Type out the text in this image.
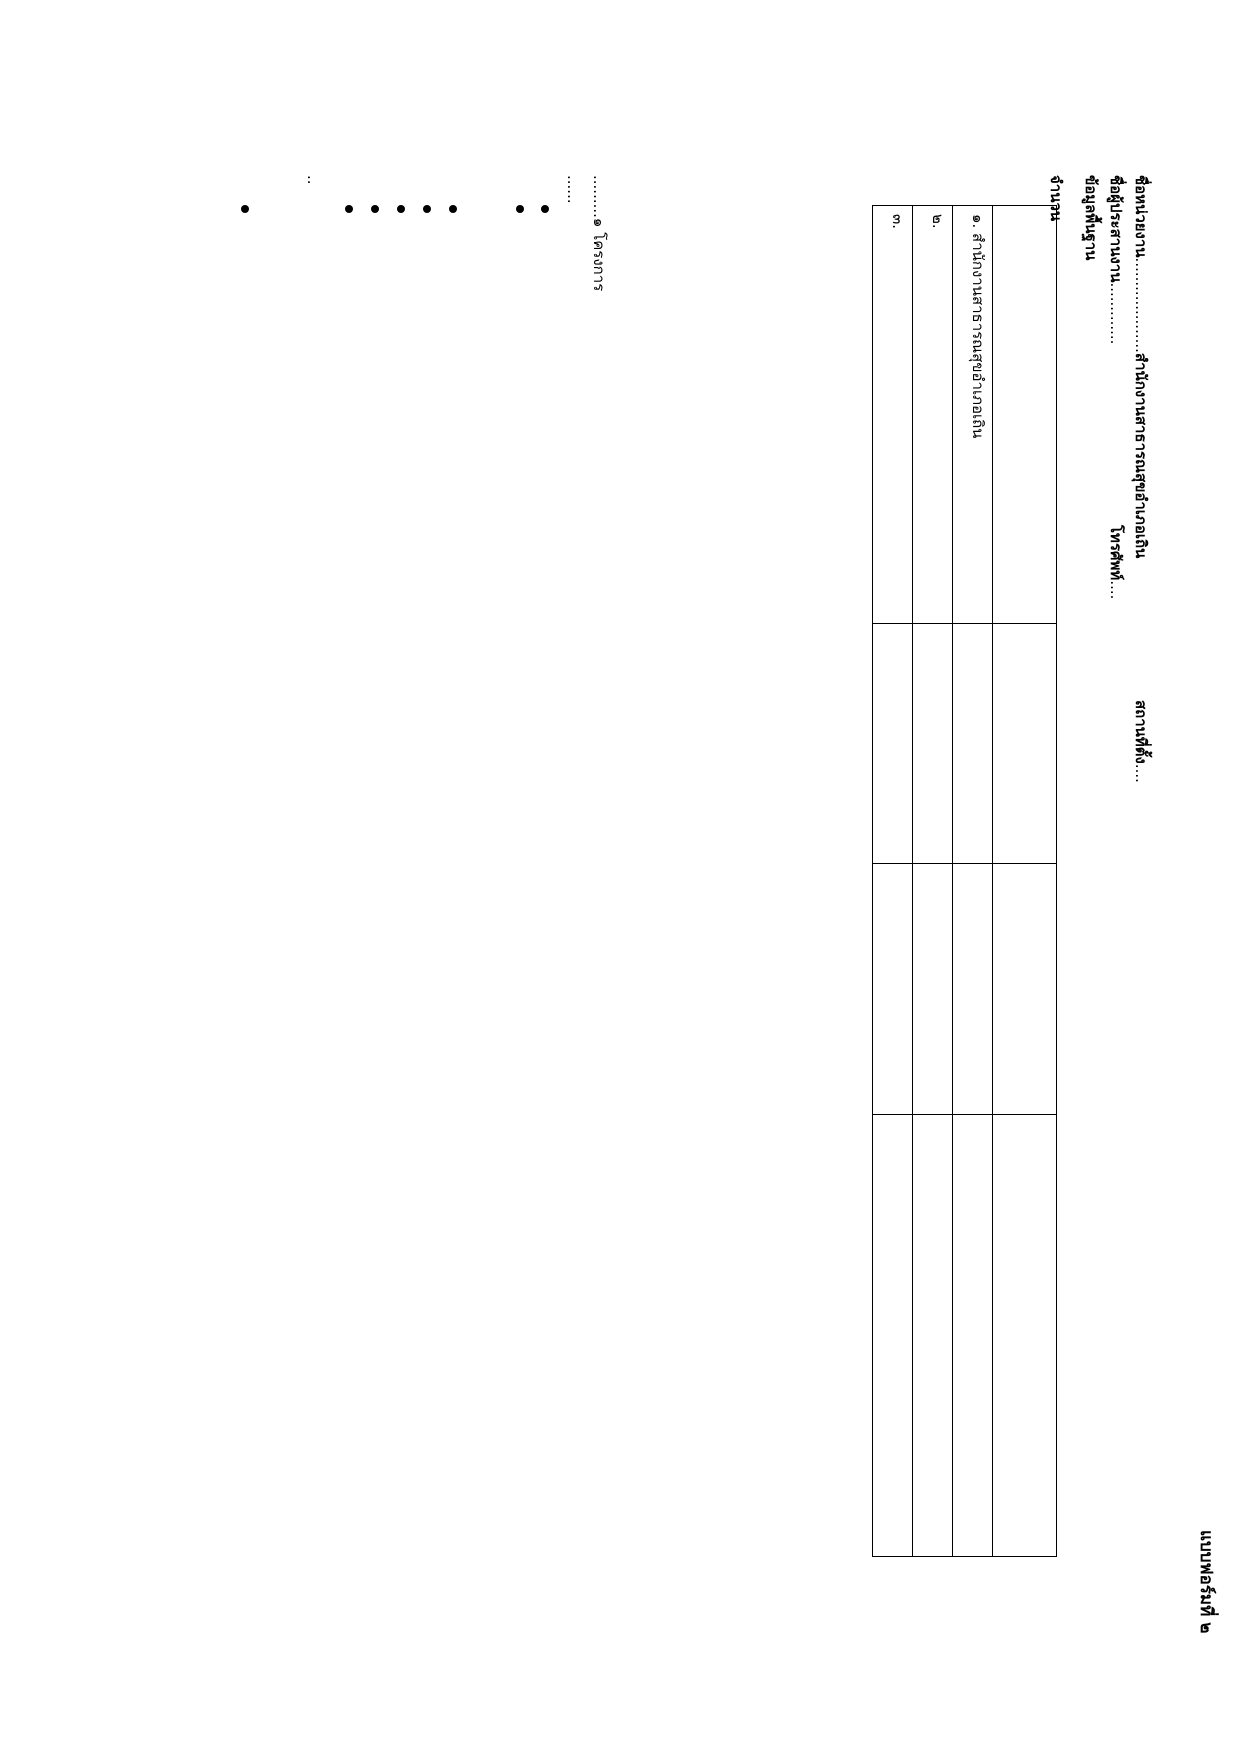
แบบฟอร์มที่ ๒
ชื่อหน่วยงาน....................สำนักงานสาธารณสุขอำเภอเถิน
สถานที่ตั้ง....
ชื่อผู้ประสานงาน.............
โทรศัพท์....
ข้อมูลพื้นฐาน
จำนวน

๑. สำนักงานสาธารณสุขอำเภอเถิน			
๒.			
๓.			
.........๑ โครงการ
......
..
